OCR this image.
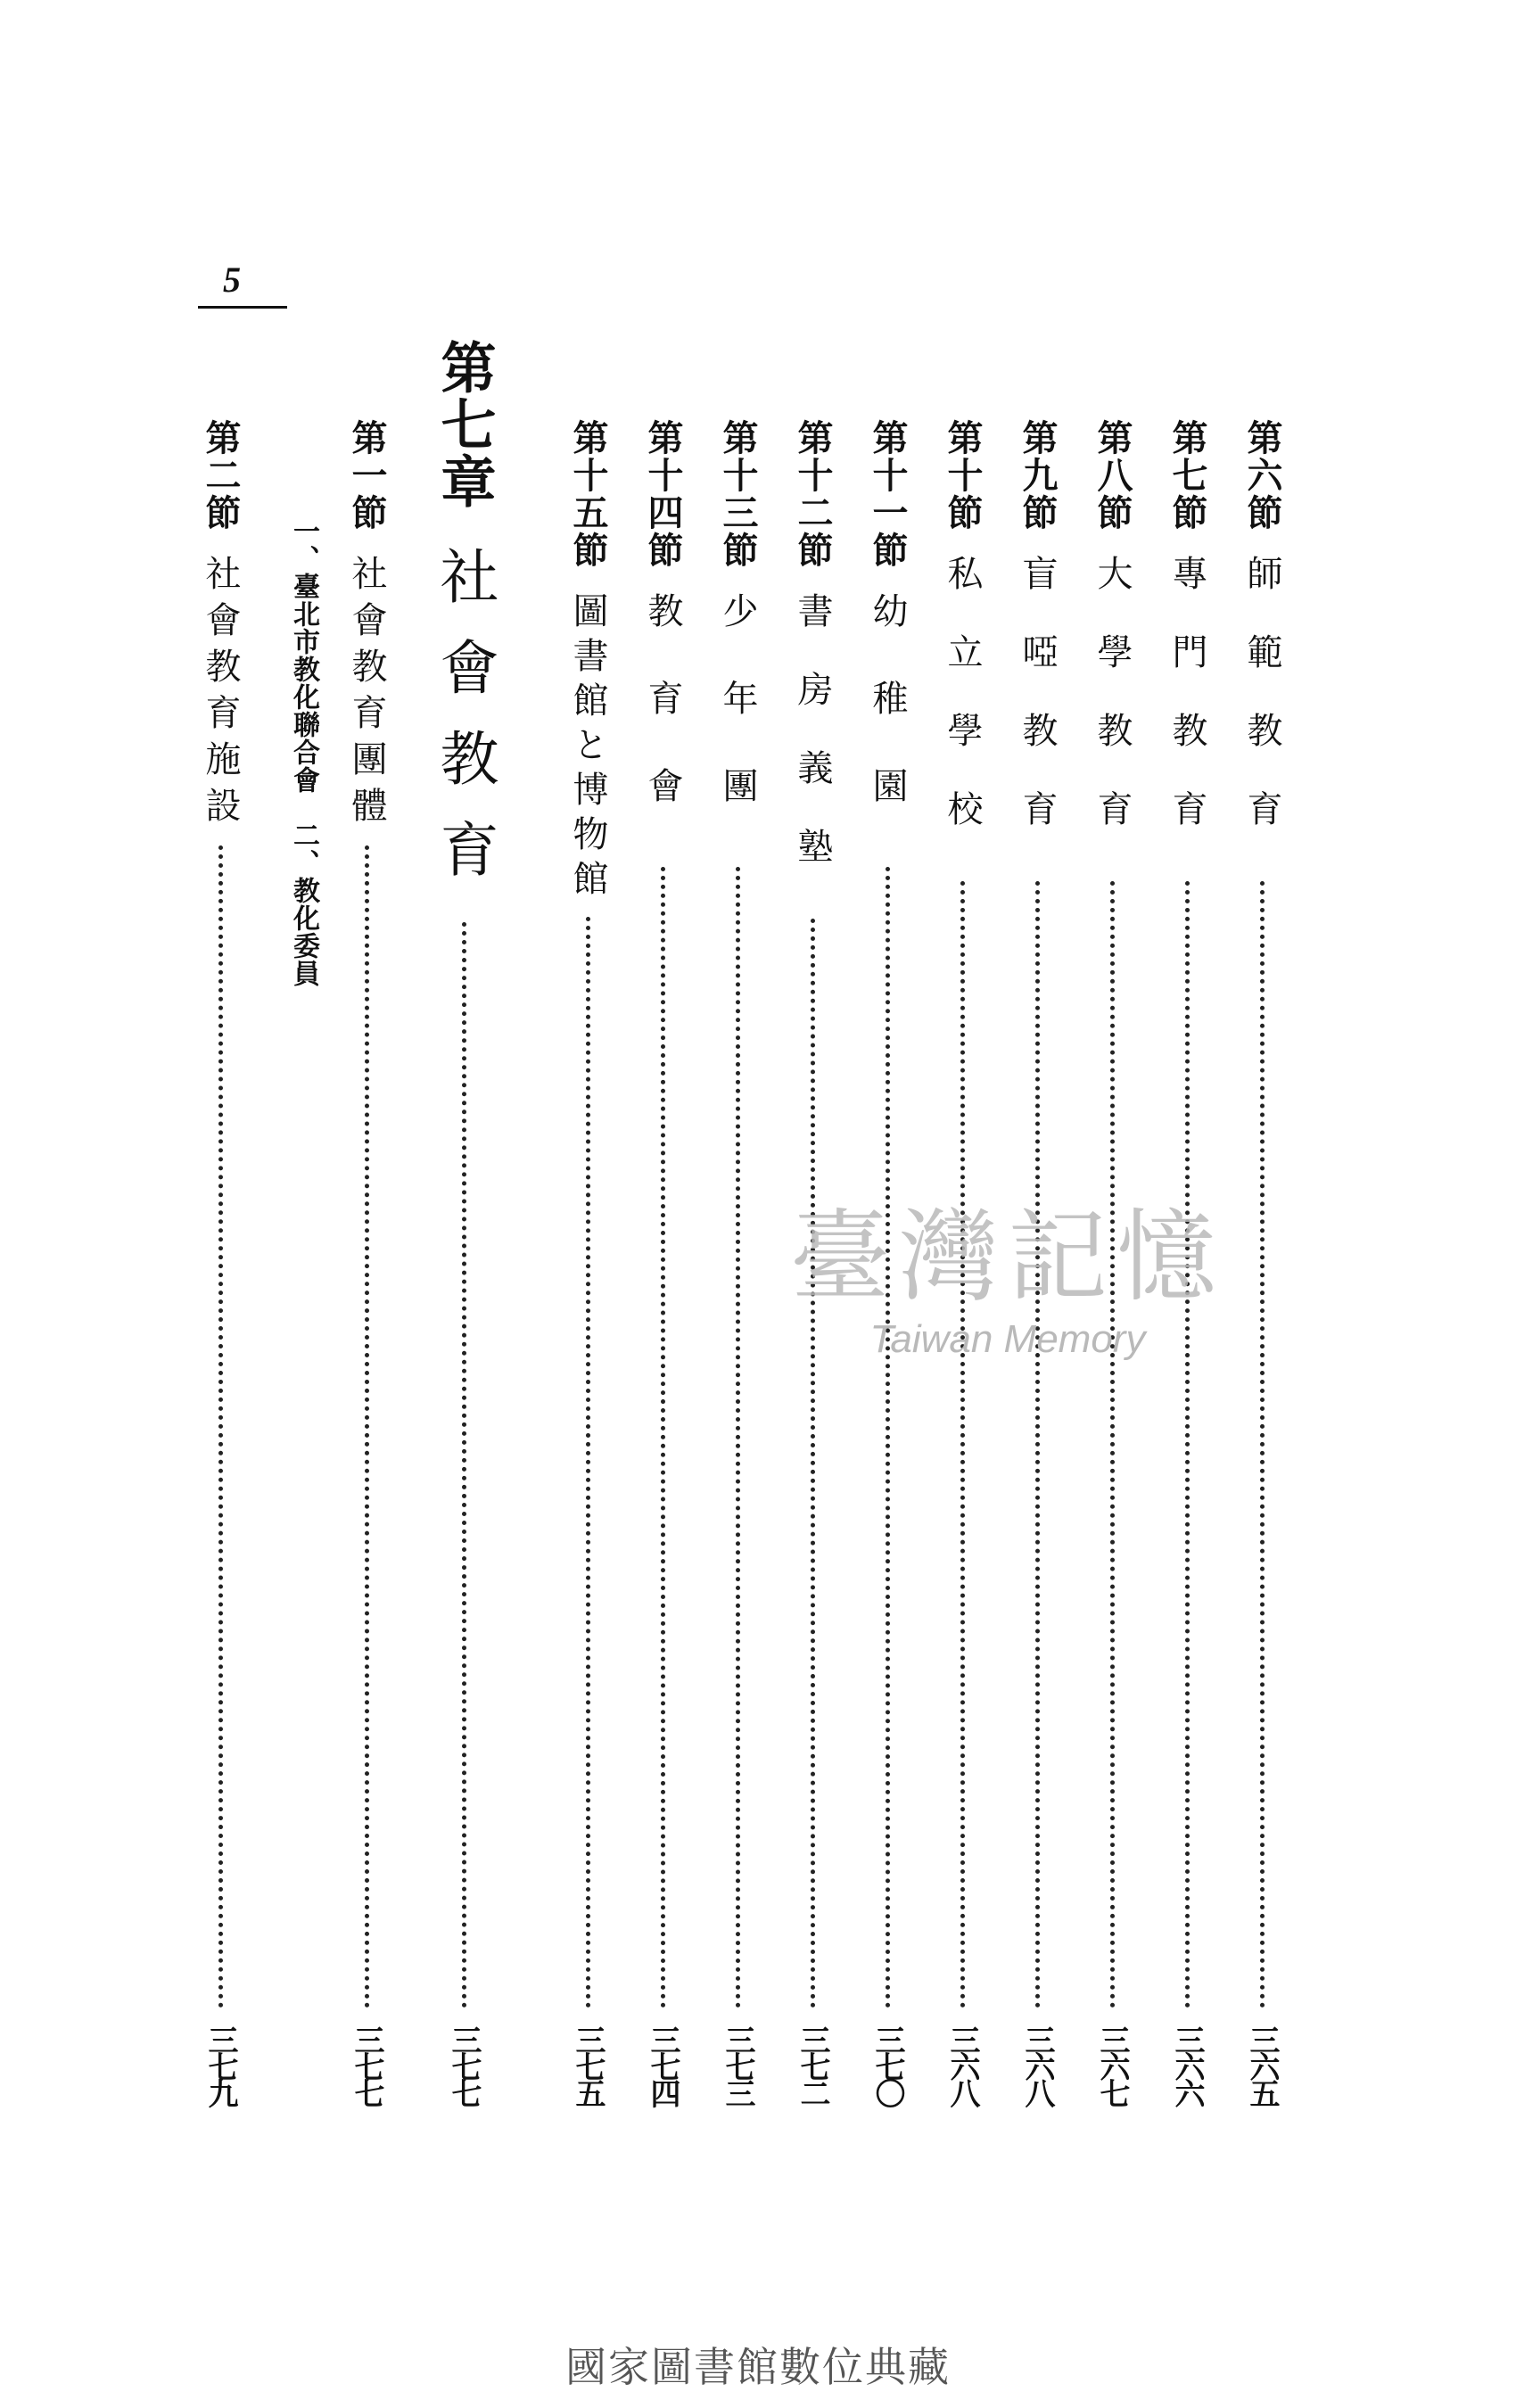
5
第六節
師範教育
三六五
第七節
專門教育
三六六
第八節
大學教育
三六七
第九節
盲啞教育
三六八
第十節
私立學校
三六八
第十一節
幼稚園
三七〇
第十二節
書房義塾
三七二
第十三節
少年團
三七三
第十四節
教育會
三七四
第十五節
圖書館と博物館
三七五
第七章
社會教育
三七七
第一節
社會教育團體
三七七
一、臺北市教化聯合會　二、教化委員
第二節
社會教育施設
三七九
臺灣記憶
Taiwan Memory
國家圖書館數位典藏
